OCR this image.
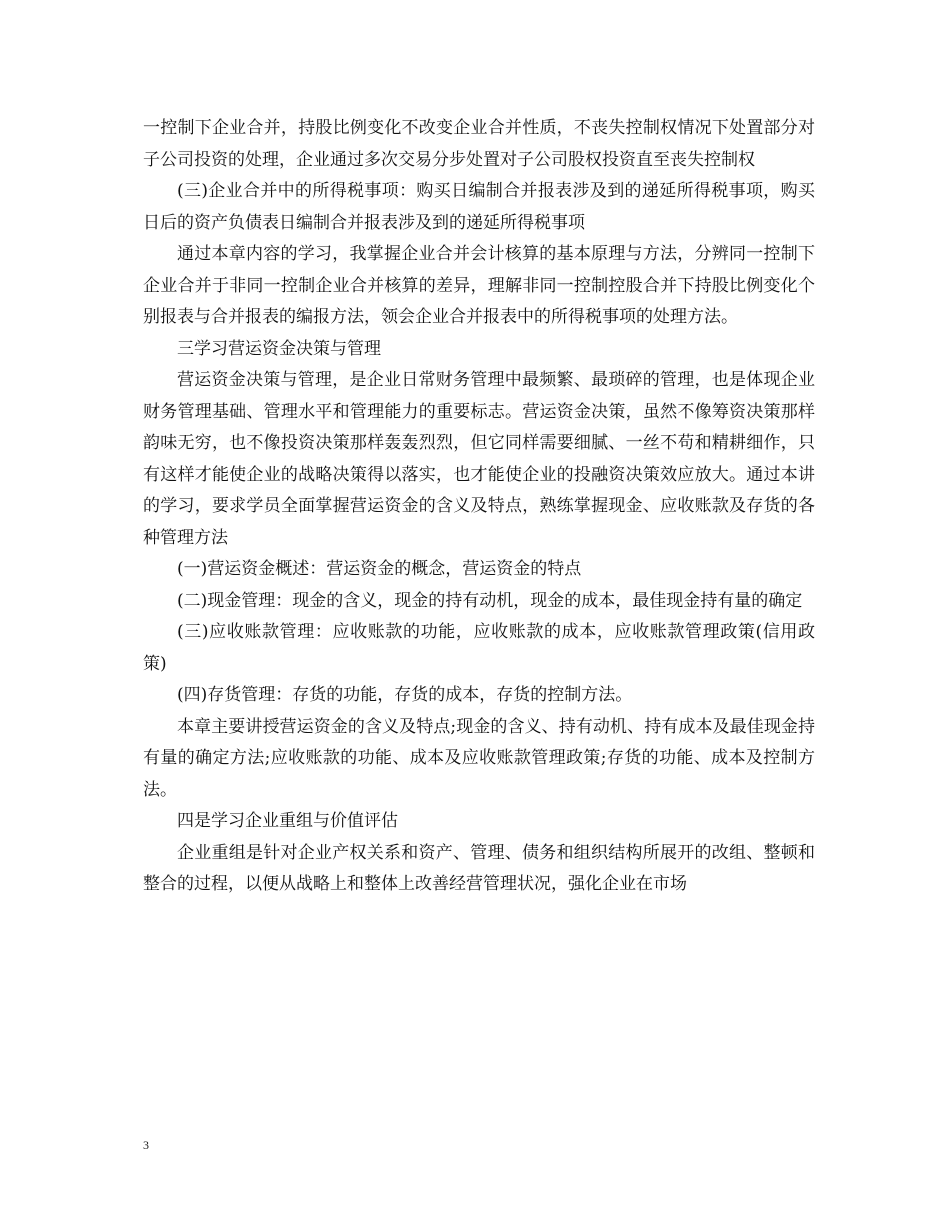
一控制下企业合并，持股比例变化不改变企业合并性质，不丧失控制权情况下处置部分对子公司投资的处理，企业通过多次交易分步处置对子公司股权投资直至丧失控制权

(三)企业合并中的所得税事项：购买日编制合并报表涉及到的递延所得税事项，购买日后的资产负债表日编制合并报表涉及到的递延所得税事项

通过本章内容的学习，我掌握企业合并会计核算的基本原理与方法，分辨同一控制下企业合并于非同一控制企业合并核算的差异，理解非同一控制控股合并下持股比例变化个别报表与合并报表的编报方法，领会企业合并报表中的所得税事项的处理方法。

三学习营运资金决策与管理

营运资金决策与管理，是企业日常财务管理中最频繁、最琐碎的管理，也是体现企业财务管理基础、管理水平和管理能力的重要标志。营运资金决策，虽然不像筹资决策那样韵味无穷，也不像投资决策那样轰轰烈烈，但它同样需要细腻、一丝不苟和精耕细作，只有这样才能使企业的战略决策得以落实，也才能使企业的投融资决策效应放大。通过本讲的学习，要求学员全面掌握营运资金的含义及特点，熟练掌握现金、应收账款及存货的各种管理方法

(一)营运资金概述：营运资金的概念，营运资金的特点

(二)现金管理：现金的含义，现金的持有动机，现金的成本，最佳现金持有量的确定

(三)应收账款管理：应收账款的功能，应收账款的成本，应收账款管理政策(信用政策)

(四)存货管理：存货的功能，存货的成本，存货的控制方法。

本章主要讲授营运资金的含义及特点;现金的含义、持有动机、持有成本及最佳现金持有量的确定方法;应收账款的功能、成本及应收账款管理政策;存货的功能、成本及控制方法。

四是学习企业重组与价值评估

企业重组是针对企业产权关系和资产、管理、债务和组织结构所展开的改组、整顿和整合的过程，以便从战略上和整体上改善经营管理状况，强化企业在市场

3
